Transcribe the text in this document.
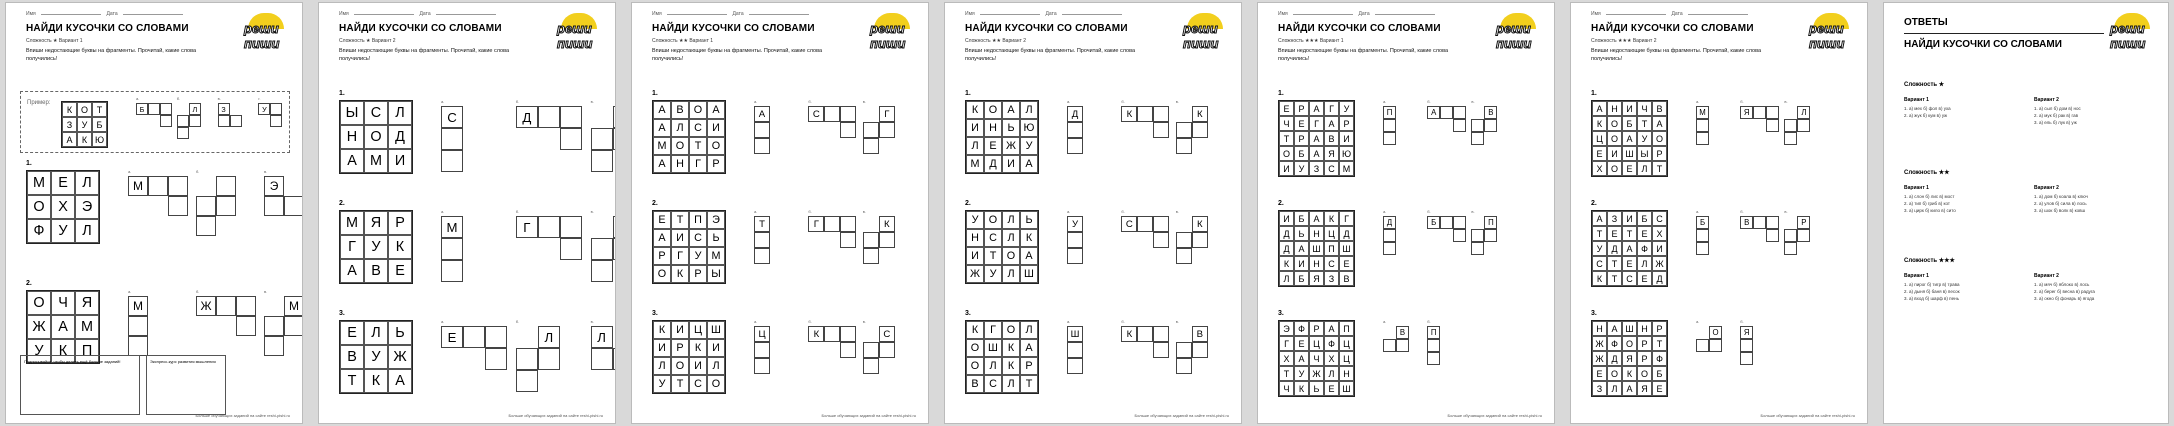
Имя	Дата
НАЙДИ КУСОЧКИ СО СЛОВАМИ	реши пиши
Сложность ★ Вариант 1
Впиши недостающие буквы на фрагменты. Прочитай, какие слова получились!
Больше обучающих заданий на сайте reshi-pishi.ru
Пример:
К О Т
З	У	Б
А	К Ю
а.
Б
б.
Л
в.
З
г.
У
1.
М Е	Л
О Х Э
Ф У	Л
а.
М
б.	в.
Э
2.
О Ч Я
Ж А М
У	К	П
а.
М
б.
Ж
в.
М
Подписывайся, чтобы делать ещё больше заданий!	Экспресс-курс развития мышления
Имя	Дата
НАЙДИ КУСОЧКИ СО СЛОВАМИ	реши пиши
Сложность ★ Вариант 2
Впиши недостающие буквы на фрагменты. Прочитай, какие слова получились!
Больше обучающих заданий на сайте reshi-pishi.ru
1.
Ы С Л
Н О Д
А М И
а.
С
б.
Д
в.
2.
М Я Р
Г	У	К
А В Е
а.
М
б.
Г
в.
3.
Е	Л	Ь
В	У Ж
Т	К	А
а.
Е
б.
Л
в.
Л
Имя	Дата
НАЙДИ КУСОЧКИ СО СЛОВАМИ	реши пиши
Сложность ★★ Вариант 1
Впиши недостающие буквы на фрагменты. Прочитай, какие слова получились!
Больше обучающих заданий на сайте reshi-pishi.ru
1.
А В О А
А	Л С И
М О Т О
А Н	Г	Р
а.
А
б.
С
в.
Г
2.
Е	Т	П Э
А И С Ь
Р	Г	У М
О К	Р Ы
а.
Т
б.
Г
в.
К
3.
К	И Ц Ш
И Р	К	И
Л О И Л
У	Т С О
а.
Ц
б.
К
в.
С
Имя	Дата
НАЙДИ КУСОЧКИ СО СЛОВАМИ	реши пиши
Сложность ★★ Вариант 2
Впиши недостающие буквы на фрагменты. Прочитай, какие слова получились!
Больше обучающих заданий на сайте reshi-pishi.ru
1.
К О А	Л
И Н Ь Ю
Л	Е Ж У
М Д И А
а.
Д
б.
К
в.
К
2.
У О Л	Ь
Н С Л	К
И	Т О А
Ж У	Л Ш
а.
У
б.
С
в.
К
3.
К	Г	О Л
О Ш К	А
О Л	К	Р
В С Л	Т
а.
Ш
б.
К
в.
В
Имя	Дата
НАЙДИ КУСОЧКИ СО СЛОВАМИ	реши пиши
Сложность ★★★ Вариант 1
Впиши недостающие буквы на фрагменты. Прочитай, какие слова получились!
Больше обучающих заданий на сайте reshi-pishi.ru
1.
Е Р А	Г	У
Ч Е	Г	А Р
Т	Р А В И
О Б	А Я Ю
И У	З	С М
а.
П
б.
А
в.
В
2.
И Б	А	К	Г
Д	Ь Н Ц Д
Д А Ш П Ш
К	И Н С Е
Л	Б Я	З	В
а.
Д
б.
Б
в.
П
3.
Э Ф Р А П
Г	Е Ц Ф Ц
Х А	Ч Х Ц
Т	У Ж Л Н
Ч	К	Ь	Е Ш
а.
В
б.
П
Имя	Дата
НАЙДИ КУСОЧКИ СО СЛОВАМИ	реши пиши
Сложность ★★★ Вариант 2
Впиши недостающие буквы на фрагменты. Прочитай, какие слова получились!
Больше обучающих заданий на сайте reshi-pishi.ru
1.
А Н И Ч В
К О Б	Т	А
Ц О А	У О
Е И Ш Ы Р
Х О Е	Л	Т
а.
М
б.
Я
в.
Л
2.
А	З	И Б С
Т	Е	Т	Е Х
У	Д А Ф И
С	Т	Е	Л Ж
К	Т	С Е Д
а.
Б
б.
В
в.
Р
3.
Н А Ш Н Р
Ж Ф О Р	Т
Ж Д Я Р Ф
Е О К О Б
З	Л	А Я Е
а.
О
б.
Я
ОТВЕТЫ
НАЙДИ КУСОЧКИ СО СЛОВАМИ
реши пиши
Сложность ★
Вариант 1
1. а) мех б) фол в) уха
2. а) жук б) кум в) уж
Вариант 2
1. а) сыл б) дом в) нос
2. а) мук б) рак в) гав
3. а) ель б) лук в) уж
Сложность ★★
Вариант 1
1. а) слон б) лис в) мост
2. а) тип б) гриб в) кот
3. а) цирк б) кило в) сито
Вариант 2
1. а) дом б) коала в) ключ
2. а) улов б) сила в) лось
3. а) шок б) волк в) ковш
Сложность ★★★
Вариант 1
1. а) пирог б) тигр в) трава
2. а) дыня б) баня в) песок
3. а) вход б) шарф в) пень
Вариант 2
1. а) мяч б) яблоко в) лось
2. а) берег б) весна в) радуга
3. а) окно б) фонарь в) ягода
